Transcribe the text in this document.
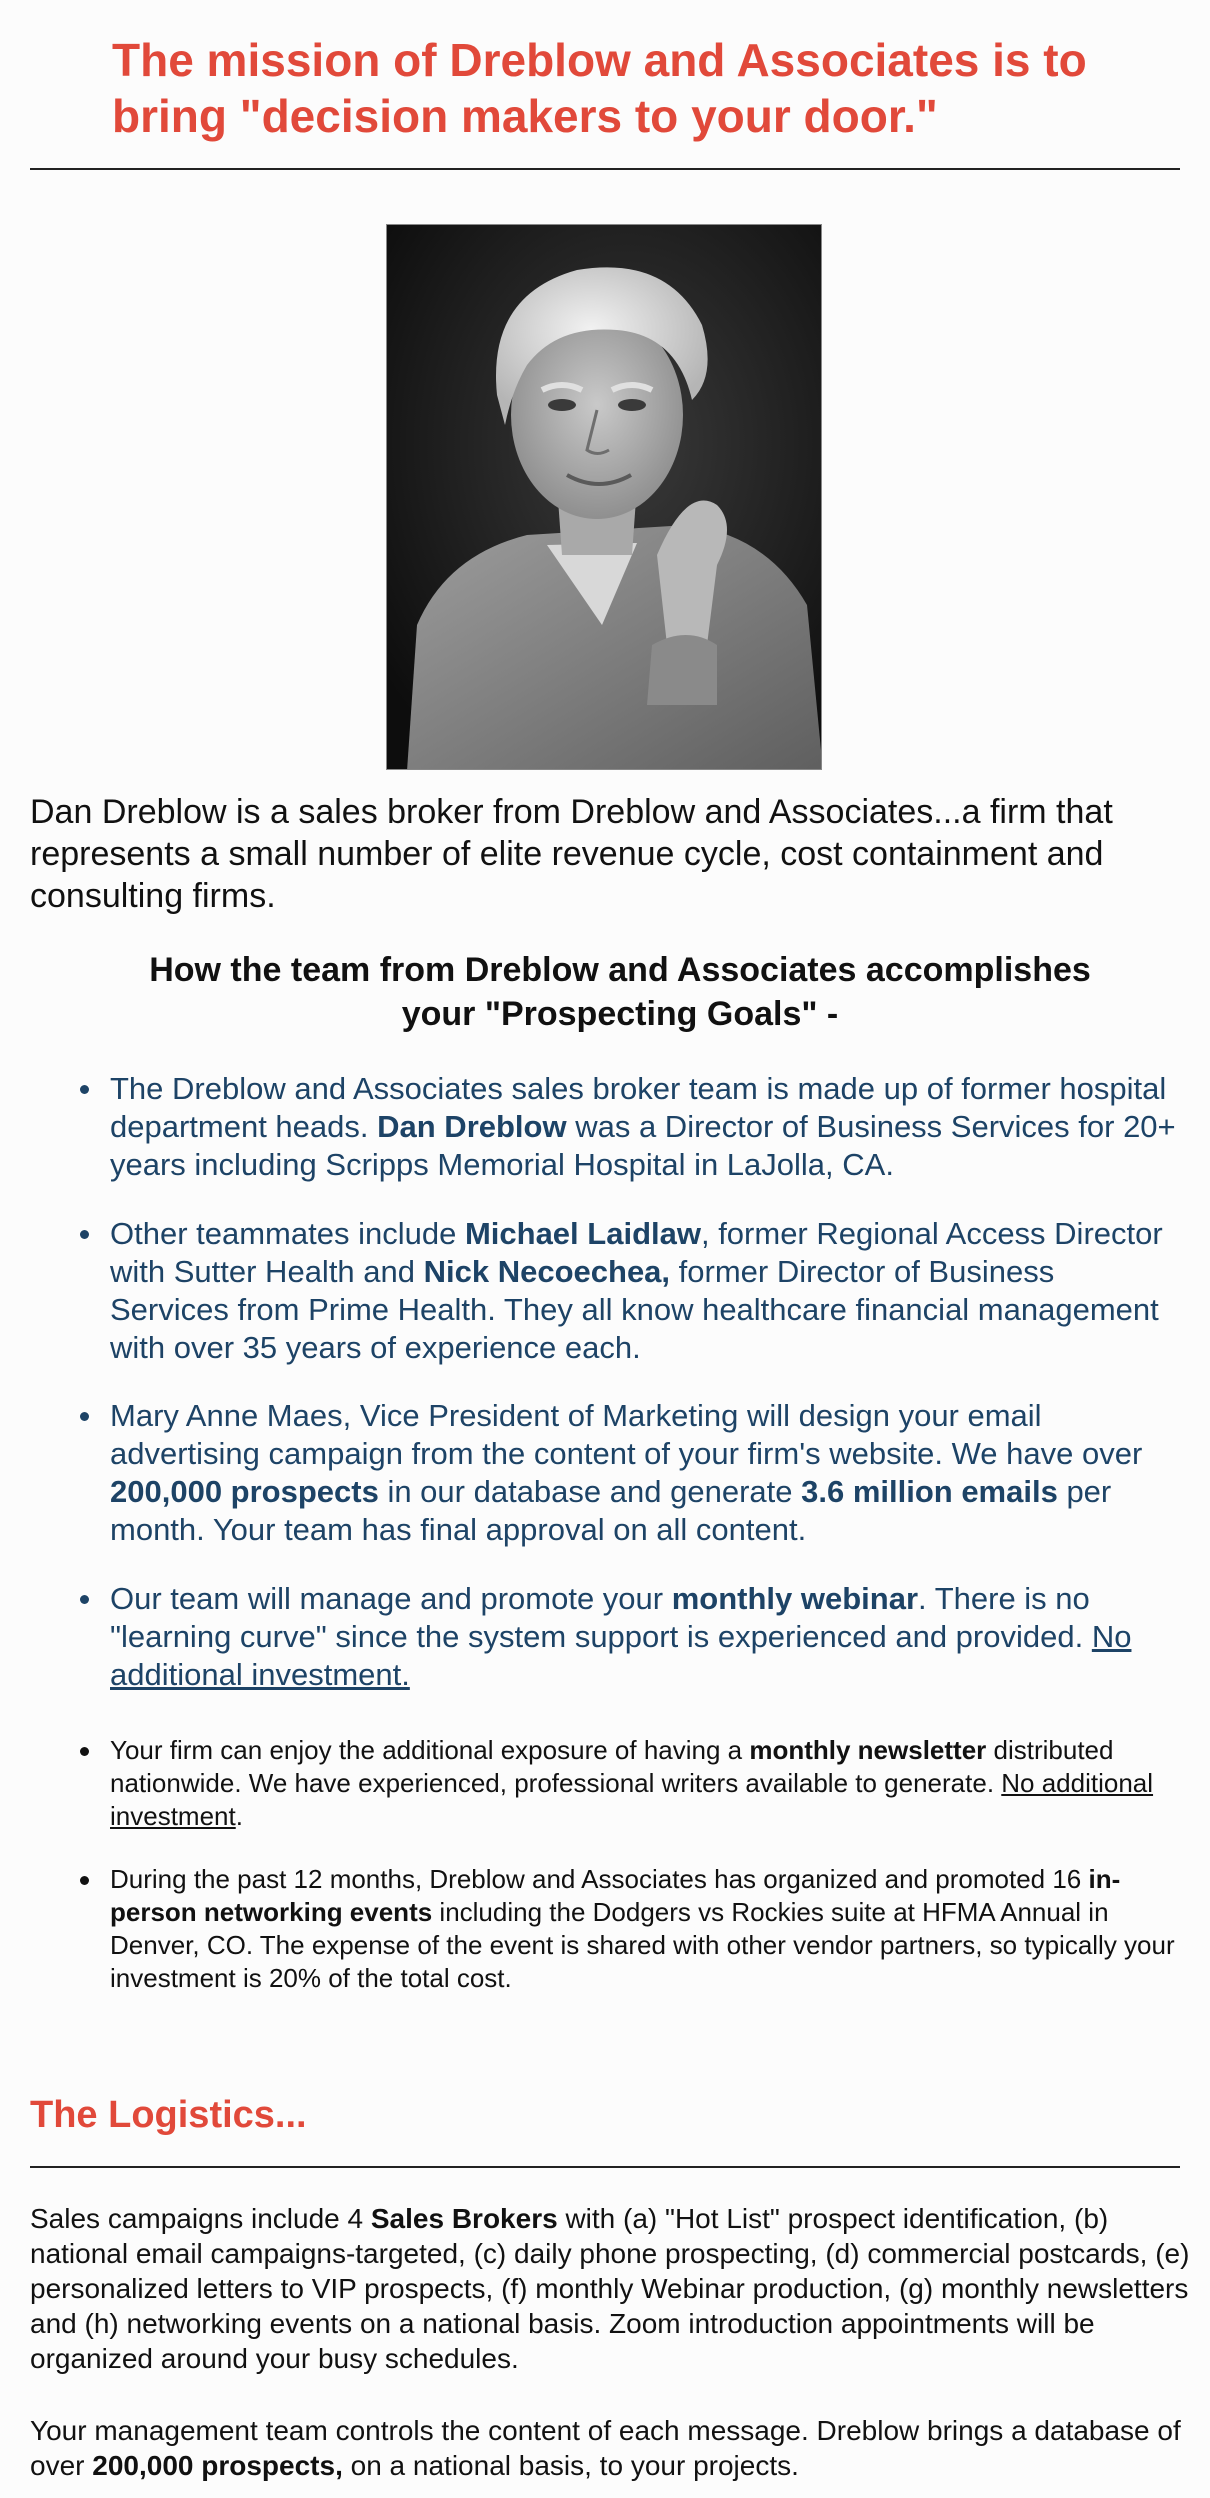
The mission of Dreblow and Associates is to
bring "decision makers to your door."

Dan Dreblow is a sales broker from Dreblow and Associates...a firm that represents a small number of elite revenue cycle, cost containment and consulting firms.

How the team from Dreblow and Associates accomplishes
your "Prospecting Goals" -
The Dreblow and Associates sales broker team is made up of former hospital department heads. Dan Dreblow was a Director of Business Services for 20+ years including Scripps Memorial Hospital in LaJolla, CA.
Other teammates include Michael Laidlaw, former Regional Access Director with Sutter Health and Nick Necoechea, former Director of Business Services from Prime Health. They all know healthcare financial management with over 35 years of experience each.
Mary Anne Maes, Vice President of Marketing will design your email advertising campaign from the content of your firm's website. We have over 200,000 prospects in our database and generate 3.6 million emails per month. Your team has final approval on all content.
Our team will manage and promote your monthly webinar. There is no "learning curve" since the system support is experienced and provided. No additional investment.
Your firm can enjoy the additional exposure of having a monthly newsletter distributed nationwide. We have experienced, professional writers available to generate. No additional investment.
During the past 12 months, Dreblow and Associates has organized and promoted 16 in-person networking events including the Dodgers vs Rockies suite at HFMA Annual in Denver, CO. The expense of the event is shared with other vendor partners, so typically your investment is 20% of the total cost.
The Logistics...

Sales campaigns include 4 Sales Brokers with (a) "Hot List" prospect identification, (b) national email campaigns-targeted, (c) daily phone prospecting, (d) commercial postcards, (e) personalized letters to VIP prospects, (f) monthly Webinar production, (g) monthly newsletters and (h) networking events on a national basis. Zoom introduction appointments will be organized around your busy schedules.

Your management team controls the content of each message. Dreblow brings a database of over 200,000 prospects, on a national basis, to your projects.
